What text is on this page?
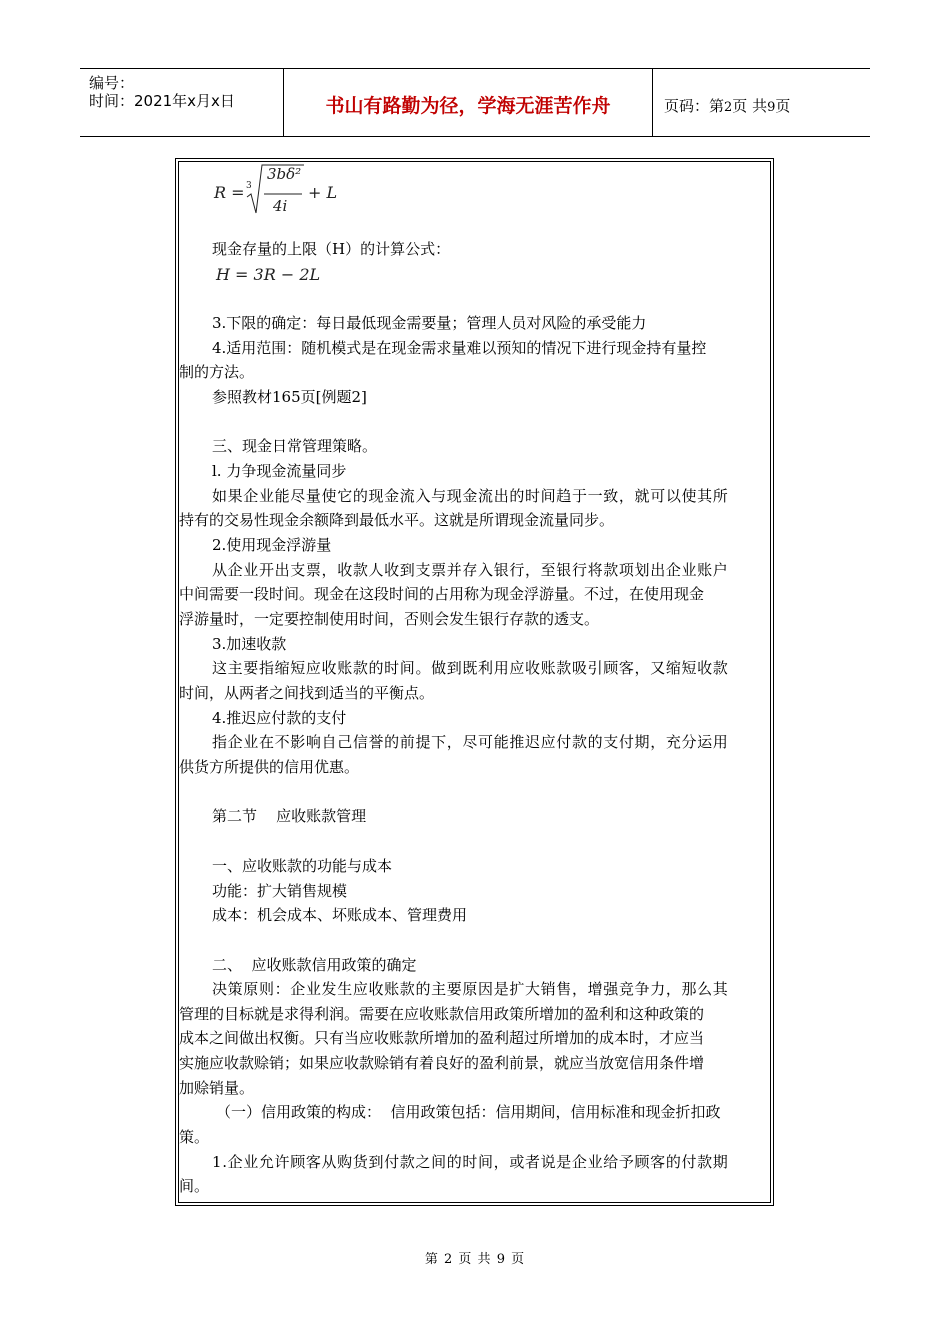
编号：
时间：2021年x月x日	书山有路勤为径，学海无涯苦作舟	页码：第2页 共9页
R = 3
3bδ²
4i
+ L
现金存量的上限（H）的计算公式：
H = 3R − 2L
3.下限的确定：每日最低现金需要量；管理人员对风险的承受能力
4.适用范围：随机模式是在现金需求量难以预知的情况下进行现金持有量控
制的方法。
参照教材165页[例题2]
三、现金日常管理策略。
l. 力争现金流量同步
如果企业能尽量使它的现金流入与现金流出的时间趋于一致，就可以使其所
持有的交易性现金余额降到最低水平。这就是所谓现金流量同步。
2.使用现金浮游量
从企业开出支票，收款人收到支票并存入银行，至银行将款项划出企业账户
中间需要一段时间。现金在这段时间的占用称为现金浮游量。不过，在使用现金
浮游量时，一定要控制使用时间，否则会发生银行存款的透支。
3.加速收款
这主要指缩短应收账款的时间。做到既利用应收账款吸引顾客，又缩短收款
时间，从两者之间找到适当的平衡点。
4.推迟应付款的支付
指企业在不影响自己信誉的前提下，尽可能推迟应付款的支付期，充分运用
供货方所提供的信用优惠。
第二节    应收账款管理
一、应收账款的功能与成本
功能：扩大销售规模
成本：机会成本、坏账成本、管理费用
二、  应收账款信用政策的确定
决策原则：企业发生应收账款的主要原因是扩大销售，增强竞争力，那么其
管理的目标就是求得利润。需要在应收账款信用政策所增加的盈利和这种政策的
成本之间做出权衡。只有当应收账款所增加的盈利超过所增加的成本时，才应当
实施应收款赊销；如果应收款赊销有着良好的盈利前景，就应当放宽信用条件增
加赊销量。
（一）信用政策的构成：  信用政策包括：信用期间，信用标准和现金折扣政
策。
1.企业允许顾客从购货到付款之间的时间，或者说是企业给予顾客的付款期
间。
第 2 页 共 9 页
